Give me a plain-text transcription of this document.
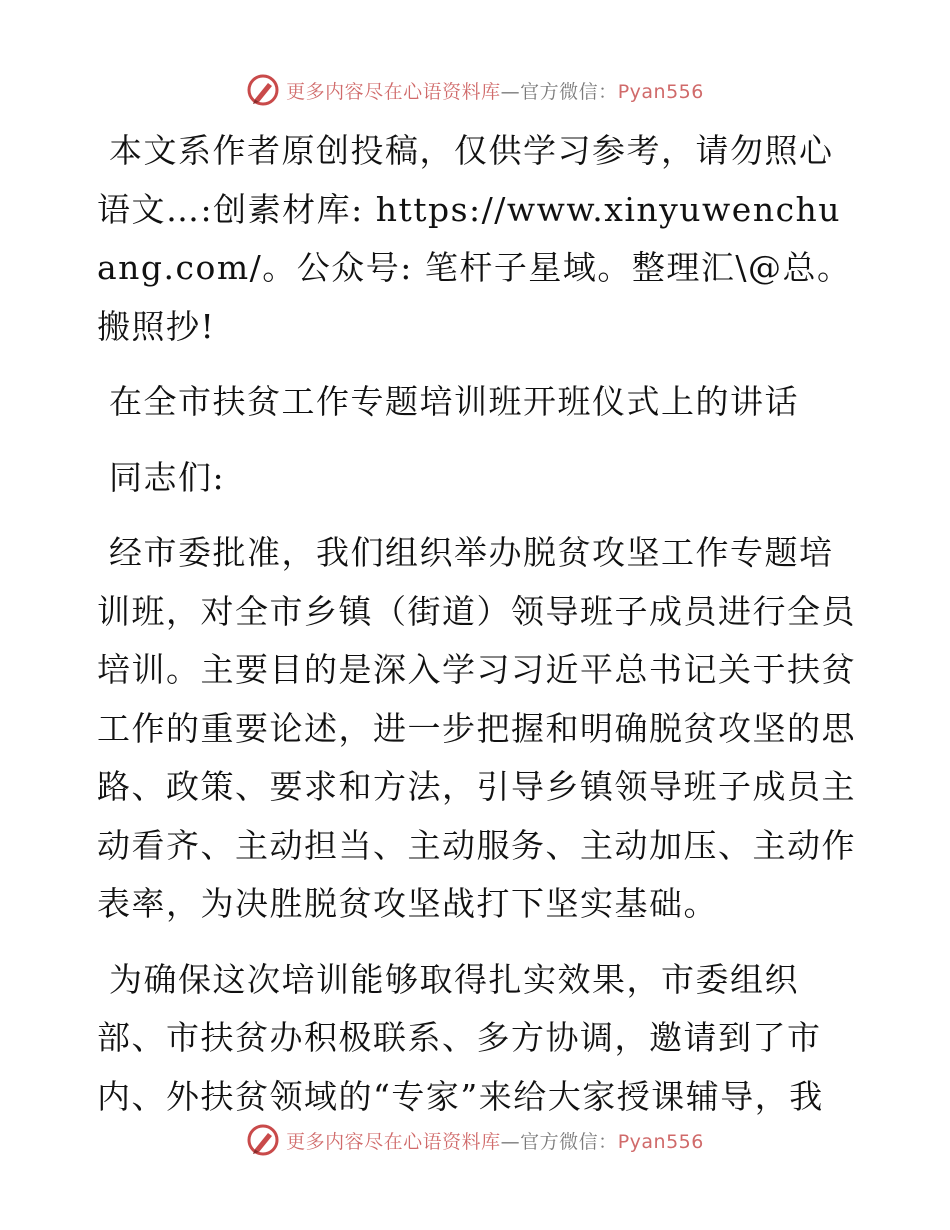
更多内容尽在心语资料库—官方微信：Pyan556

本文系作者原创投稿，仅供学习参考，请勿照心语文…:创素材库: https://www.xinyuwenchuang.com/。公众号: 笔杆子星域。整理汇\@总。搬照抄!

在全市扶贫工作专题培训班开班仪式上的讲话

同志们:

经市委批准，我们组织举办脱贫攻坚工作专题培训班，对全市乡镇（街道）领导班子成员进行全员培训。主要目的是深入学习习近平总书记关于扶贫工作的重要论述，进一步把握和明确脱贫攻坚的思路、政策、要求和方法，引导乡镇领导班子成员主动看齐、主动担当、主动服务、主动加压、主动作表率，为决胜脱贫攻坚战打下坚实基础。

为确保这次培训能够取得扎实效果，市委组织部、市扶贫办积极联系、多方协调，邀请到了市内、外扶贫领域的“专家”来给大家授课辅导，我

更多内容尽在心语资料库—官方微信：Pyan556
